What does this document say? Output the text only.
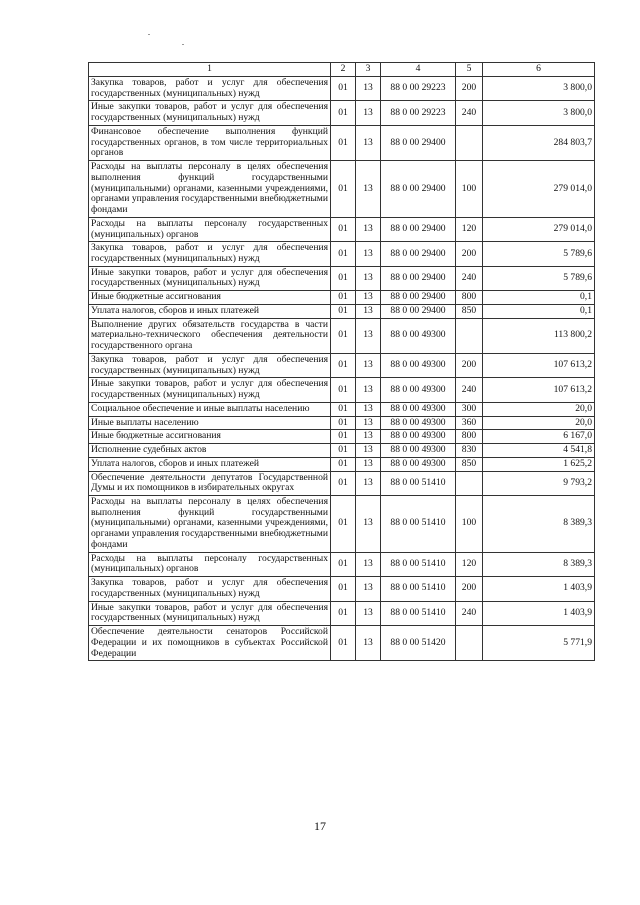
1	2	3	4	5	6
Закупка товаров, работ и услуг для обеспечения государственных (муниципальных) нужд	01	13	88 0 00 29223	200	3 800,0
Иные закупки товаров, работ и услуг для обеспечения государственных (муниципальных) нужд	01	13	88 0 00 29223	240	3 800,0
Финансовое обеспечение выполнения функций государственных органов, в том числе территориальных органов	01	13	88 0 00 29400		284 803,7
Расходы на выплаты персоналу в целях обеспечения выполнения функций государственными (муниципальными) органами, казенными учреждениями, органами управления государственными внебюджетными фондами	01	13	88 0 00 29400	100	279 014,0
Расходы на выплаты персоналу государственных (муниципальных) органов	01	13	88 0 00 29400	120	279 014,0
Закупка товаров, работ и услуг для обеспечения государственных (муниципальных) нужд	01	13	88 0 00 29400	200	5 789,6
Иные закупки товаров, работ и услуг для обеспечения государственных (муниципальных) нужд	01	13	88 0 00 29400	240	5 789,6
Иные бюджетные ассигнования	01	13	88 0 00 29400	800	0,1
Уплата налогов, сборов и иных платежей	01	13	88 0 00 29400	850	0,1
Выполнение других обязательств государства в части материально-технического обеспечения деятельности государственного органа	01	13	88 0 00 49300		113 800,2
Закупка товаров, работ и услуг для обеспечения государственных (муниципальных) нужд	01	13	88 0 00 49300	200	107 613,2
Иные закупки товаров, работ и услуг для обеспечения государственных (муниципальных) нужд	01	13	88 0 00 49300	240	107 613,2
Социальное обеспечение и иные выплаты населению	01	13	88 0 00 49300	300	20,0
Иные выплаты населению	01	13	88 0 00 49300	360	20,0
Иные бюджетные ассигнования	01	13	88 0 00 49300	800	6 167,0
Исполнение судебных актов	01	13	88 0 00 49300	830	4 541,8
Уплата налогов, сборов и иных платежей	01	13	88 0 00 49300	850	1 625,2
Обеспечение деятельности депутатов Государственной Думы и их помощников в избирательных округах	01	13	88 0 00 51410		9 793,2
Расходы на выплаты персоналу в целях обеспечения выполнения функций государственными (муниципальными) органами, казенными учреждениями, органами управления государственными внебюджетными фондами	01	13	88 0 00 51410	100	8 389,3
Расходы на выплаты персоналу государственных (муниципальных) органов	01	13	88 0 00 51410	120	8 389,3
Закупка товаров, работ и услуг для обеспечения государственных (муниципальных) нужд	01	13	88 0 00 51410	200	1 403,9
Иные закупки товаров, работ и услуг для обеспечения государственных (муниципальных) нужд	01	13	88 0 00 51410	240	1 403,9
Обеспечение деятельности сенаторов Российской Федерации и их помощников в субъектах Российской Федерации	01	13	88 0 00 51420		5 771,9
17
